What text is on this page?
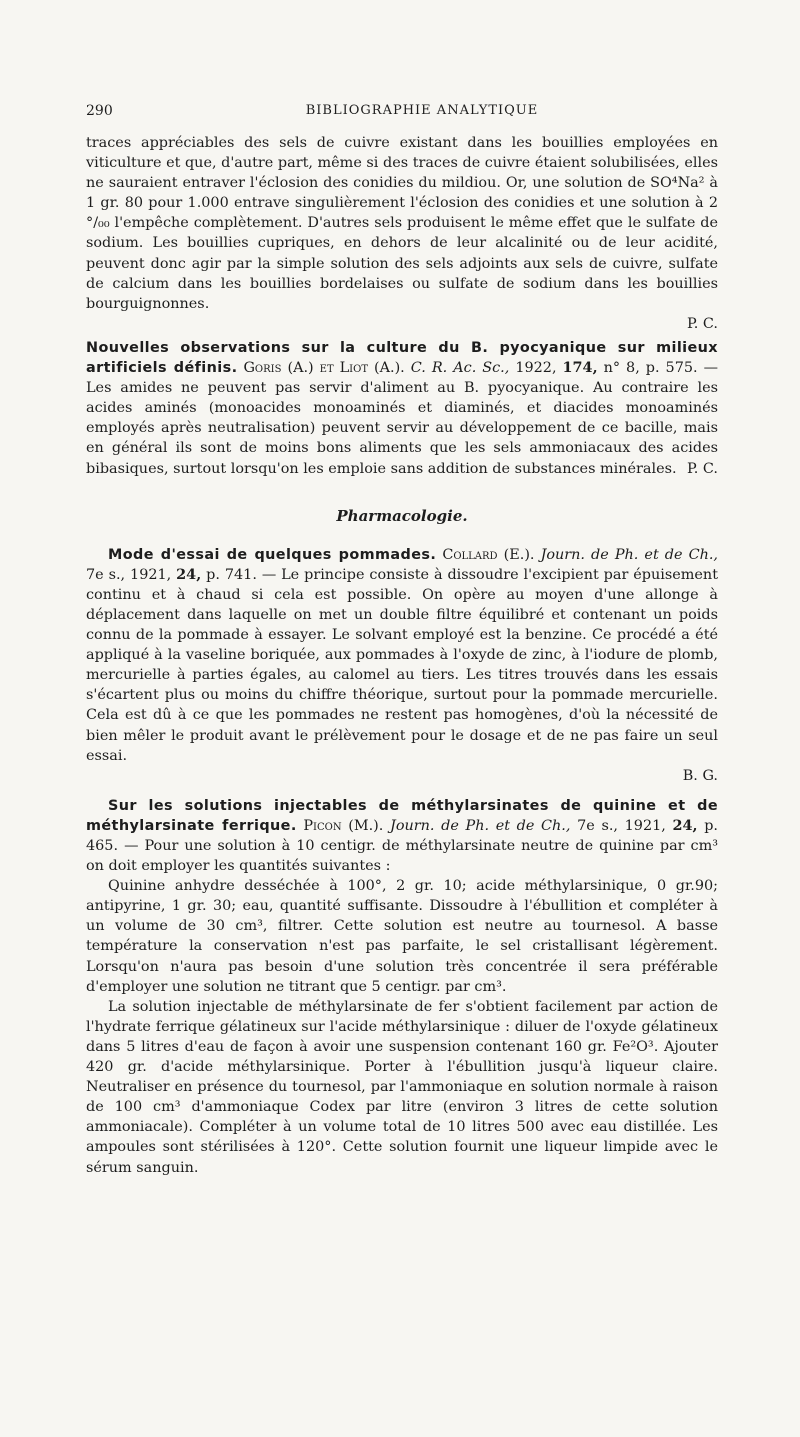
290	BIBLIOGRAPHIE ANALYTIQUE

traces appréciables des sels de cuivre existant dans les bouillies employées en viticulture et que, d'autre part, même si des traces de cuivre étaient solubilisées, elles ne sauraient entraver l'éclosion des conidies du mildiou. Or, une solution de SO⁴Na² à 1 gr. 80 pour 1.000 entrave singulièrement l'éclosion des conidies et une solution à 2 °/₀₀ l'empêche complètement. D'autres sels produisent le même effet que le sulfate de sodium. Les bouillies cupriques, en dehors de leur alcalinité ou de leur acidité, peuvent donc agir par la simple solution des sels adjoints aux sels de cuivre, sulfate de calcium dans les bouillies bordelaises ou sulfate de sodium dans les bouillies bourguignonnes.

P. C.

Nouvelles observations sur la culture du B. pyocyanique sur milieux artificiels définis. Goris (A.) et Liot (A.). C. R. Ac. Sc., 1922, 174, n° 8, p. 575. — Les amides ne peuvent pas servir d'aliment au B. pyocyanique. Au contraire les acides aminés (monoacides monoaminés et diaminés, et diacides monoaminés employés après neutralisation) peuvent servir au développement de ce bacille, mais en général ils sont de moins bons aliments que les sels ammoniacaux des acides bibasiques, surtout lorsqu'on les emploie sans addition de substances minérales. P. C.

Pharmacologie.

Mode d'essai de quelques pommades. Collard (E.). Journ. de Ph. et de Ch., 7e s., 1921, 24, p. 741. — Le principe consiste à dissoudre l'excipient par épuisement continu et à chaud si cela est possible. On opère au moyen d'une allonge à déplacement dans laquelle on met un double filtre équilibré et contenant un poids connu de la pommade à essayer. Le solvant employé est la benzine. Ce procédé a été appliqué à la vaseline boriquée, aux pommades à l'oxyde de zinc, à l'iodure de plomb, mercurielle à parties égales, au calomel au tiers. Les titres trouvés dans les essais s'écartent plus ou moins du chiffre théorique, surtout pour la pommade mercurielle. Cela est dû à ce que les pommades ne restent pas homogènes, d'où la nécessité de bien mêler le produit avant le prélèvement pour le dosage et de ne pas faire un seul essai.

B. G.

Sur les solutions injectables de méthylarsinates de quinine et de méthylarsinate ferrique. Picon (M.). Journ. de Ph. et de Ch., 7e s., 1921, 24, p. 465. — Pour une solution à 10 centigr. de méthylarsinate neutre de quinine par cm³ on doit employer les quantités suivantes :

Quinine anhydre desséchée à 100°, 2 gr. 10; acide méthylarsinique, 0 gr.90; antipyrine, 1 gr. 30; eau, quantité suffisante. Dissoudre à l'ébullition et compléter à un volume de 30 cm³, filtrer. Cette solution est neutre au tournesol. A basse température la conservation n'est pas parfaite, le sel cristallisant légèrement. Lorsqu'on n'aura pas besoin d'une solution très concentrée il sera préférable d'employer une solution ne titrant que 5 centigr. par cm³.

La solution injectable de méthylarsinate de fer s'obtient facilement par action de l'hydrate ferrique gélatineux sur l'acide méthylarsinique : diluer de l'oxyde gélatineux dans 5 litres d'eau de façon à avoir une suspension contenant 160 gr. Fe²O³. Ajouter 420 gr. d'acide méthylarsinique. Porter à l'ébullition jusqu'à liqueur claire. Neutraliser en présence du tournesol, par l'ammoniaque en solution normale à raison de 100 cm³ d'ammoniaque Codex par litre (environ 3 litres de cette solution ammoniacale). Compléter à un volume total de 10 litres 500 avec eau distillée. Les ampoules sont stérilisées à 120°. Cette solution fournit une liqueur limpide avec le sérum sanguin.
